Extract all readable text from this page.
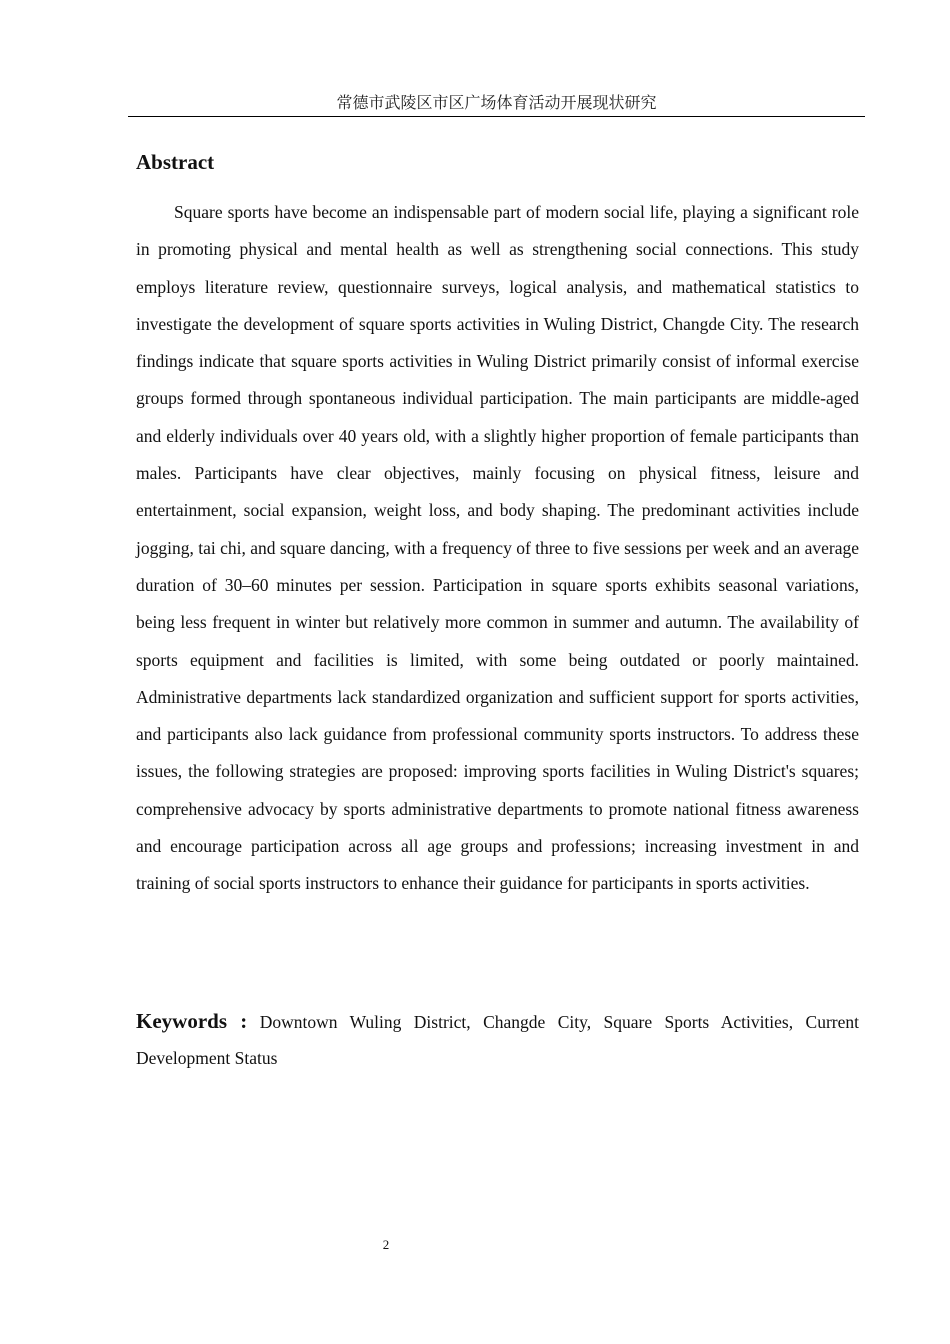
常德市武陵区市区广场体育活动开展现状研究
Abstract

Square sports have become an indispensable part of modern social life, playing a significant role in promoting physical and mental health as well as strengthening social connections. This study employs literature review, questionnaire surveys, logical analysis, and mathematical statistics to investigate the development of square sports activities in Wuling District, Changde City. The research findings indicate that square sports activities in Wuling District primarily consist of informal exercise groups formed through spontaneous individual participation. The main participants are middle-aged and elderly individuals over 40 years old, with a slightly higher proportion of female participants than males. Participants have clear objectives, mainly focusing on physical fitness, leisure and entertainment, social expansion, weight loss, and body shaping. The predominant activities include jogging, tai chi, and square dancing, with a frequency of three to five sessions per week and an average duration of 30–60 minutes per session. Participation in square sports exhibits seasonal variations, being less frequent in winter but relatively more common in summer and autumn. The availability of sports equipment and facilities is limited, with some being outdated or poorly maintained. Administrative departments lack standardized organization and sufficient support for sports activities, and participants also lack guidance from professional community sports instructors. To address these issues, the following strategies are proposed: improving sports facilities in Wuling District's squares; comprehensive advocacy by sports administrative departments to promote national fitness awareness and encourage participation across all age groups and professions; increasing investment in and training of social sports instructors to enhance their guidance for participants in sports activities.

Keywords : Downtown Wuling District, Changde City, Square Sports Activities, Current Development Status

2
